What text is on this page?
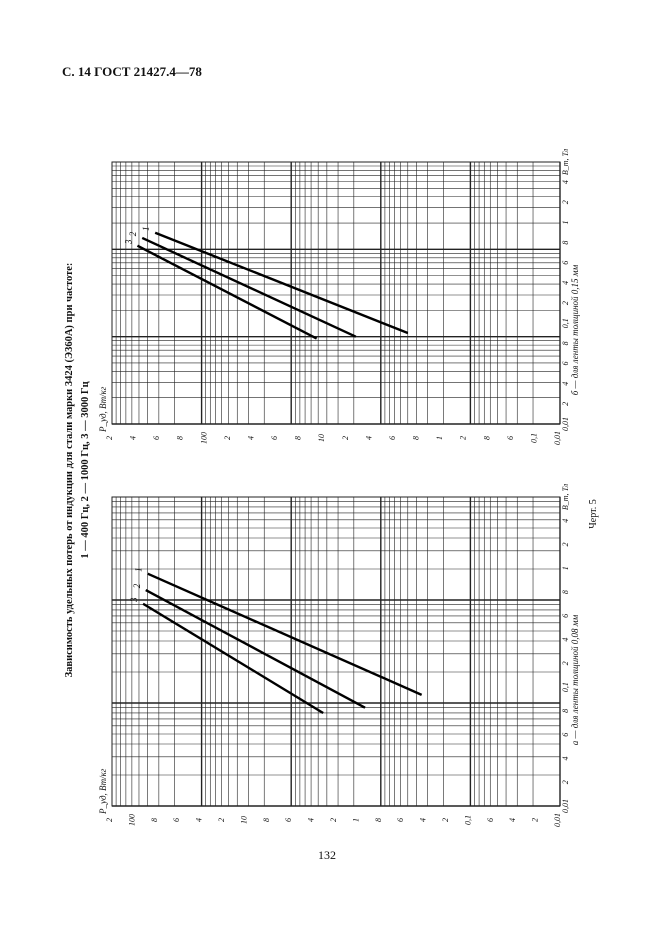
С. 14 ГОСТ 21427.4—78
Зависимость удельных потерь от индукции для стали марки 3424 (Э360А) при частоте: 1 — 400 Гц, 2 — 1000 Гц, 3 — 3000 Гц
1
2
3
0,01
2
4
6
0,1
2
4
6
8
1
2
4
6
8
10
2
4
6
8
100
2
0,01
2
4
6
8
0,1
2
4
6
8
1
2
4
B_m, Тл
P_уд, Вт/кг
а — для ленты толщиной 0,08 мм
1
2
3
0,01
0,1
6
8
2
1
8
6
4
2
10
8
6
4
2
100
8
6
4
2
0,01
2
4
6
8
0,1
2
4
6
8
1
2
4
B_m, Тл
P_уд, Вт/кг
б — для ленты толщиной 0,15 мм
Черт. 5
132
